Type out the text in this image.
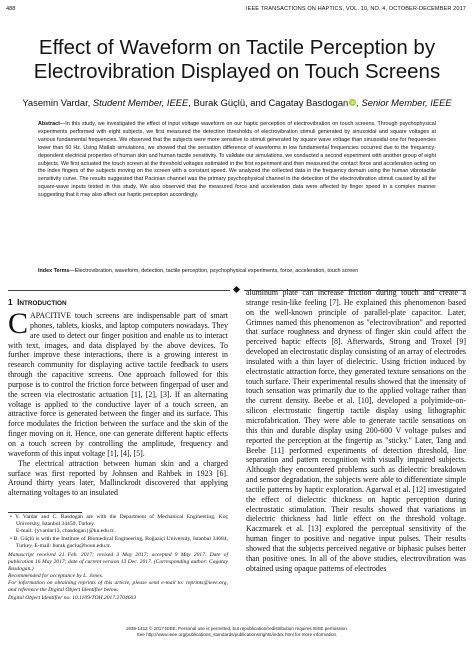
488	IEEE TRANSACTIONS ON HAPTICS, VOL. 10, NO. 4, OCTOBER-DECEMBER 2017
Effect of Waveform on Tactile Perception by
Electrovibration Displayed on Touch Screens
Yasemin Vardar, Student Member, IEEE, Burak Güçlü, and Cagatay Basdogan iD, Senior Member, IEEE
Abstract—In this study, we investigated the effect of input voltage waveform on our haptic perception of electrovibration on touch screens. Through psychophysical experiments performed with eight subjects, we first measured the detection thresholds of electrovibration stimuli generated by sinusoidal and square voltages at various fundamental frequencies. We observed that the subjects were more sensitive to stimuli generated by square wave voltage than sinusoidal one for frequencies lower than 60 Hz. Using Matlab simulations, we showed that the sensation difference of waveforms in low fundamental frequencies occurred due to the frequency-dependent electrical properties of human skin and human tactile sensitivity. To validate our simulations, we conducted a second experiment with another group of eight subjects. We first actuated the touch screen at the threshold voltages estimated in the first experiment and then measured the contact force and acceleration acting on the index fingers of the subjects moving on the screen with a constant speed. We analyzed the collected data in the frequency domain using the human vibrotactile sensitivity curve. The results suggested that Pacinian channel was the primary psychophysical channel in the detection of the electrovibration stimuli caused by all the square-wave inputs tested in this study. We also observed that the measured force and acceleration data were affected by finger speed in a complex manner suggesting that it may also affect our haptic perception accordingly.
Index Terms—Electrovibration, waveform, detection, tactile perception, psychophysical experiments, force, acceleration, touch screen
1 INTRODUCTION

CAPACITIVE touch screens are indispensable part of smart phones, tablets, kiosks, and laptop computers nowadays. They are used to detect our finger position and enable us to interact with text, images, and data displayed by the above devices. To further improve these interactions, there is a growing interest in research community for displaying active tactile feedback to users through the capacitive screens. One approach followed for this purpose is to control the friction force between fingerpad of user and the screen via electrostatic actuation [1], [2], [3]. If an alternating voltage is applied to the conductive layer of a touch screen, an attractive force is generated between the finger and its surface. This force modulates the friction between the surface and the skin of the finger moving on it. Hence, one can generate different haptic effects on a touch screen by controlling the amplitude, frequency and waveform of this input voltage [1], [4], [5].

The electrical attraction between human skin and a charged surface was first reported by Johnsen and Rahbek in 1923 [6]. Around thirty years later, Mallinckrodt discovered that applying alternating voltages to an insulated

• Y. Vardar and C. Basdogan are with the Department of Mechanical Engineering, Koç University, Istanbul 34450, Turkey.
E-mail: {yvardar13, cbasdogan}@ku.edu.tr.

• B. Güçlü is with the Institute of Biomedical Engineering, Boğaziçi University, Istanbul 34684, Turkey. E-mail: burak.guclu@boun.edu.tr.

Manuscript received 21 Feb. 2017; revised 3 May 2017; accepted 9 May 2017. Date of publication 16 May 2017; date of current version 13 Dec. 2017. (Corresponding author: Cagatay Basdogan.)

Recommended for acceptance by L. Jones.

For information on obtaining reprints of this article, please send e-mail to: reprints@ieee.org, and reference the Digital Object Identifier below.

Digital Object Identifier no. 10.1109/TOH.2017.2704603

aluminum plate can increase friction during touch and create a strange resin-like feeling [7]. He explained this phenomenon based on the well-known principle of parallel-plate capacitor. Later, Grimnes named this phenomenon as "electrovibration" and reported that surface roughness and dryness of finger skin could affect the perceived haptic effects [8]. Afterwards, Strong and Troxel [9] developed an electrostatic display consisting of an array of electrodes insulated with a thin layer of dielectric. Using friction induced by electrostatic attraction force, they generated texture sensations on the touch surface. Their experimental results showed that the intensity of touch sensation was primarily due to the applied voltage rather than the current density. Beebe et al. [10], developed a polyimide-on-silicon electrostatic fingertip tactile display using lithographic microfabrication. They were able to generate tactile sensations on this thin and durable display using 200-600 V voltage pulses and reported the perception at the fingertip as "sticky." Later, Tang and Beebe [11] performed experiments of detection threshold, line separation and pattern recognition with visually impaired subjects. Although they encountered problems such as dielectric breakdown and sensor degradation, the subjects were able to differentiate simple tactile patterns by haptic exploration. Agarwal et al. [12] investigated the effect of dielectric thickness on haptic perception during electrostatic stimulation. Their results showed that variations in dielectric thickness had little effect on the threshold voltage. Kaczmarek et al. [13] explored the perceptual sensitivity of the human finger to positive and negative input pulses. Their results showed that the subjects perceived negative or biphasic pulses better than positive ones. In all of the above studies, electrovibration was obtained using opaque patterns of electrodes

1939-1412 © 2017 IEEE. Personal use is permitted, but republication/redistribution requires IEEE permission.
See http://www.ieee.org/publications_standards/publications/rights/index.html for more information.
